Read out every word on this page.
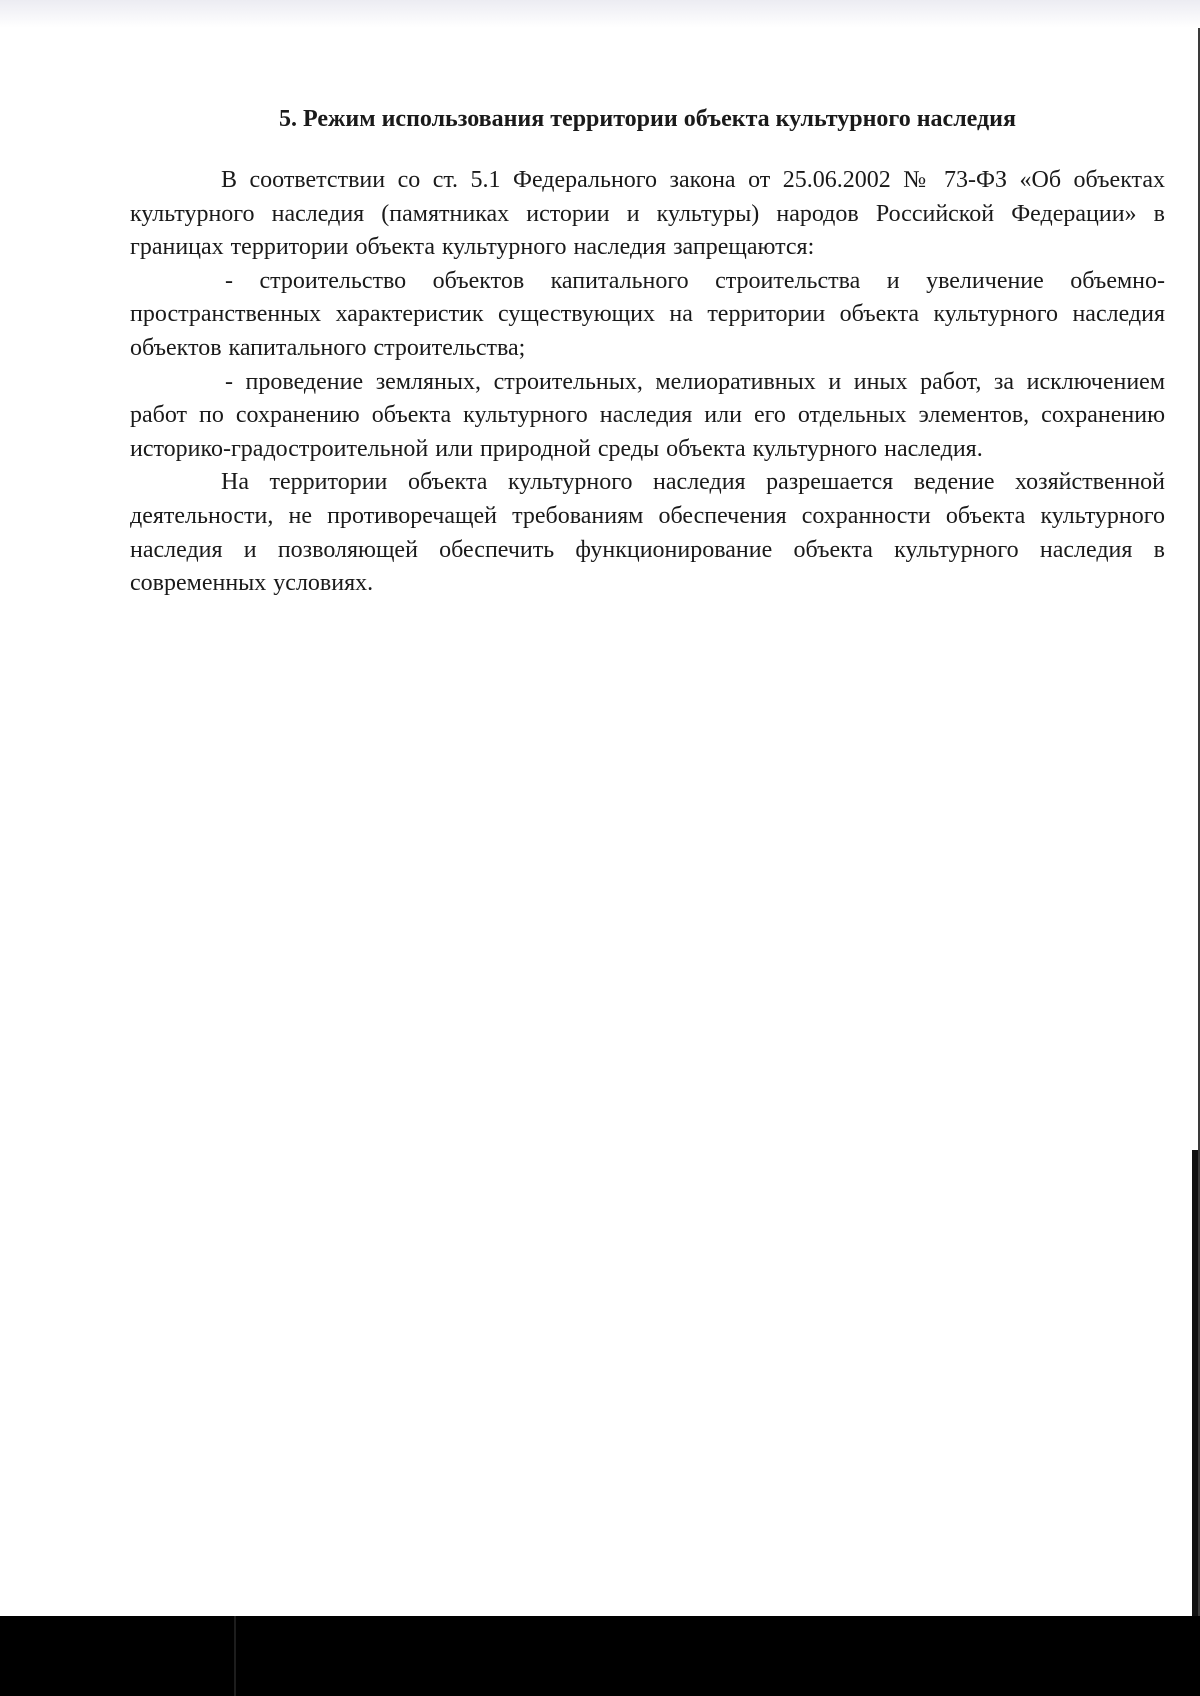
5. Режим использования территории объекта культурного наследия

В соответствии со ст. 5.1 Федерального закона от 25.06.2002 № 73-ФЗ «Об объектах культурного наследия (памятниках истории и культуры) народов Российской Федерации» в границах территории объекта культурного наследия запрещаются:

- строительство объектов капитального строительства и увеличение объемно-пространственных характеристик существующих на территории объекта культурного наследия объектов капитального строительства;

- проведение земляных, строительных, мелиоративных и иных работ, за исключением работ по сохранению объекта культурного наследия или его отдельных элементов, сохранению историко-градостроительной или природной среды объекта культурного наследия.

На территории объекта культурного наследия разрешается ведение хозяйственной деятельности, не противоречащей требованиям обеспечения сохранности объекта культурного наследия и позволяющей обеспечить функционирование объекта культурного наследия в современных условиях.
